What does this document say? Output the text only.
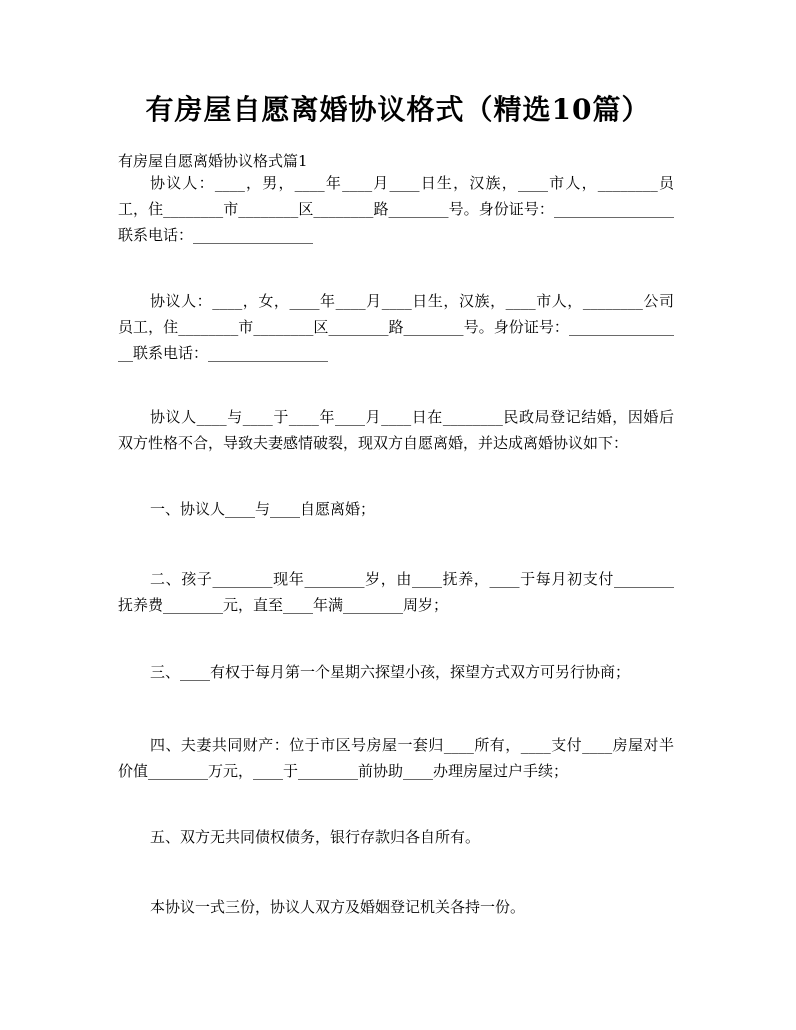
有房屋自愿离婚协议格式（精选10篇）
有房屋自愿离婚协议格式篇1
协议人：____，男，____年____月____日生，汉族，____市人，________员工，住________市________区________路________号。身份证号：________________联系电话：________________
协议人：____，女，____年____月____日生，汉族，____市人，________公司员工，住________市________区________路________号。身份证号：________________联系电话：________________
协议人____与____于____年____月____日在________民政局登记结婚，因婚后双方性格不合，导致夫妻感情破裂，现双方自愿离婚，并达成离婚协议如下：
一、协议人____与____自愿离婚；
二、孩子________现年________岁，由____抚养，____于每月初支付________抚养费________元，直至____年满________周岁；
三、____有权于每月第一个星期六探望小孩，探望方式双方可另行协商；
四、夫妻共同财产：位于市区号房屋一套归____所有，____支付____房屋对半价值________万元，____于________前协助____办理房屋过户手续；
五、双方无共同债权债务，银行存款归各自所有。
本协议一式三份，协议人双方及婚姻登记机关各持一份。
